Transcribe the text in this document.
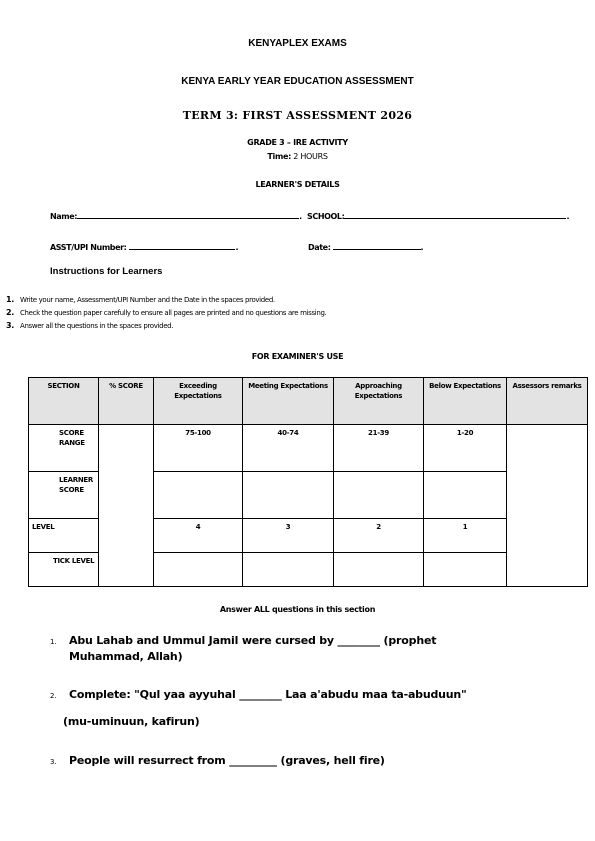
KENYAPLEX EXAMS
KENYA EARLY YEAR EDUCATION ASSESSMENT
TERM 3: FIRST ASSESSMENT 2026
GRADE 3 – IRE ACTIVITY
Time: 2 HOURS
LEARNER'S DETAILS
Name:	. SCHOOL:	.
ASST/UPI Number:	.	Date:	.
Instructions for Learners
1. Write your name, Assessment/UPI Number and the Date in the spaces provided.
2. Check the question paper carefully to ensure all pages are printed and no questions are missing.
3. Answer all the questions in the spaces provided.
FOR EXAMINER'S USE
SECTION	% SCORE	Exceeding Expectations	Meeting Expectations	Approaching Expectations	Below Expectations	Assessors remarks
SCORE RANGE		75-100	40-74	21-39	1-20	
LEARNER SCORE						
LEVEL		4	3	2	1	
TICK LEVEL						
Answer ALL questions in this section
1. Abu Lahab and Ummul Jamil were cursed by ________ (prophet Muhammad, Allah)
2. Complete: "Qul yaa ayyuhal ________ Laa a'abudu maa ta-abuduun"
(mu-uminuun, kafirun)
3. People will resurrect from _________ (graves, hell fire)
